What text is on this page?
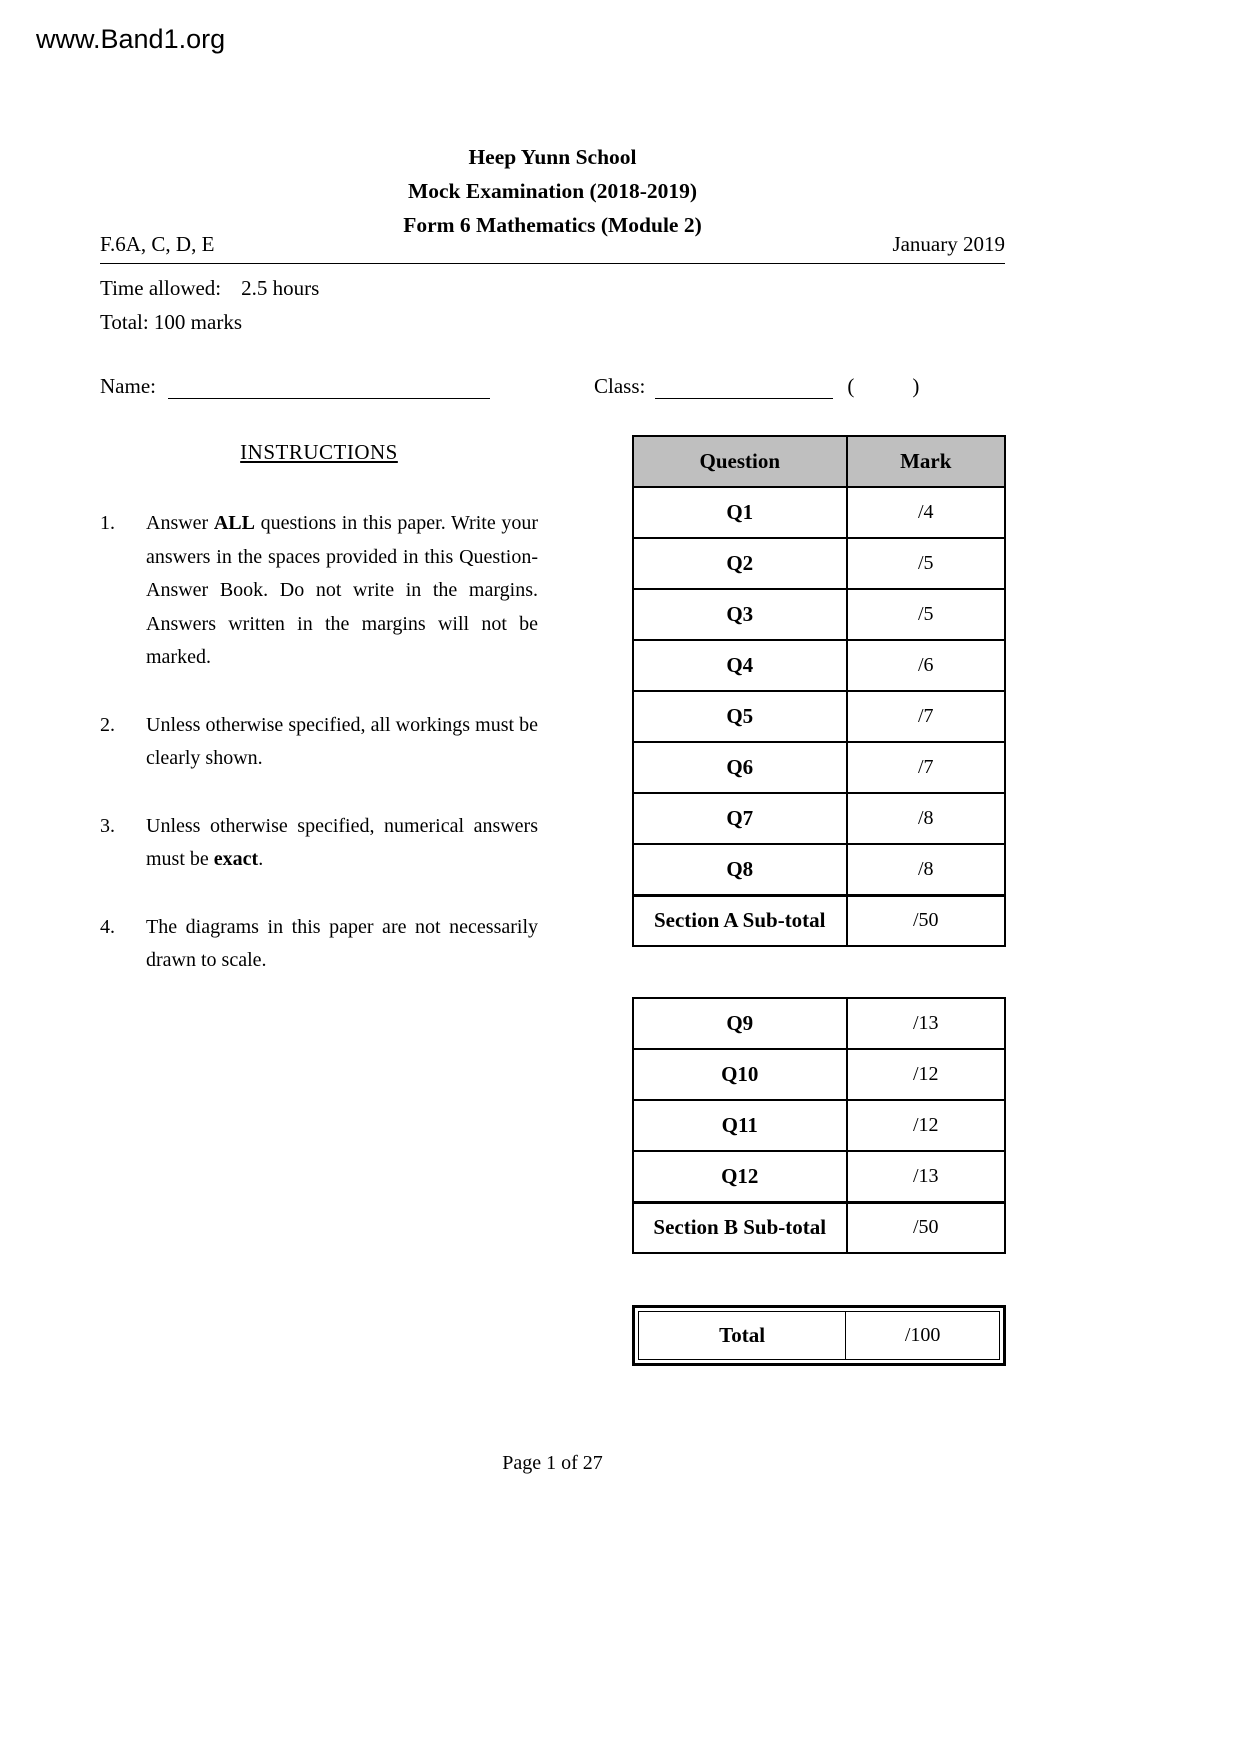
www.Band1.org
Heep Yunn School
Mock Examination (2018-2019)
Form 6 Mathematics (Module 2)
F.6A, C, D, E	January 2019
Time allowed: 2.5 hours
Total: 100 marks
Name:	Class:	(	)
INSTRUCTIONS
1.	Answer ALL questions in this paper. Write your answers in the spaces provided in this Question-Answer Book. Do not write in the margins. Answers written in the margins will not be marked.
2.	Unless otherwise specified, all workings must be clearly shown.
3.	Unless otherwise specified, numerical answers must be exact.
4.	The diagrams in this paper are not necessarily drawn to scale.
Question	Mark
Q1	/4
Q2	/5
Q3	/5
Q4	/6
Q5	/7
Q6	/7
Q7	/8
Q8	/8
Section A Sub-total	/50
Q9	/13
Q10	/12
Q11	/12
Q12	/13
Section B Sub-total	/50
Total	/100
Page 1 of 27
